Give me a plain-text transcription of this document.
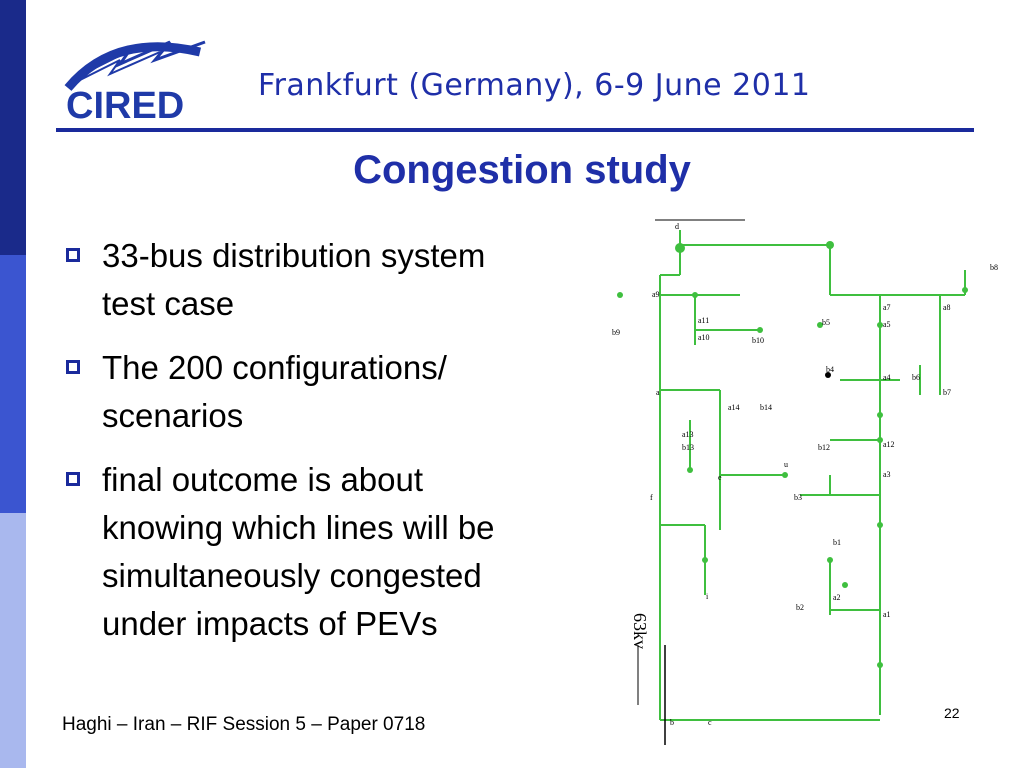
CIRED Frankfurt (Germany), 6-9 June 2011
Congestion study
33-bus distribution system
test case
The 200 configurations/
scenarios
final outcome is about
knowing which lines will be
simultaneously congested
under impacts of PEVs	63kv
d
b	c
e
f
u
i
a
a1
a2
a3
a4
a5
a7	a8
a9
a10
a11
a12
a13
a14
b1
b2
b3
b4
b5
b6
b7
b8
b9
b10
b12
b13
b14
Haghi – Iran – RIF Session 5 – Paper 0718
22
